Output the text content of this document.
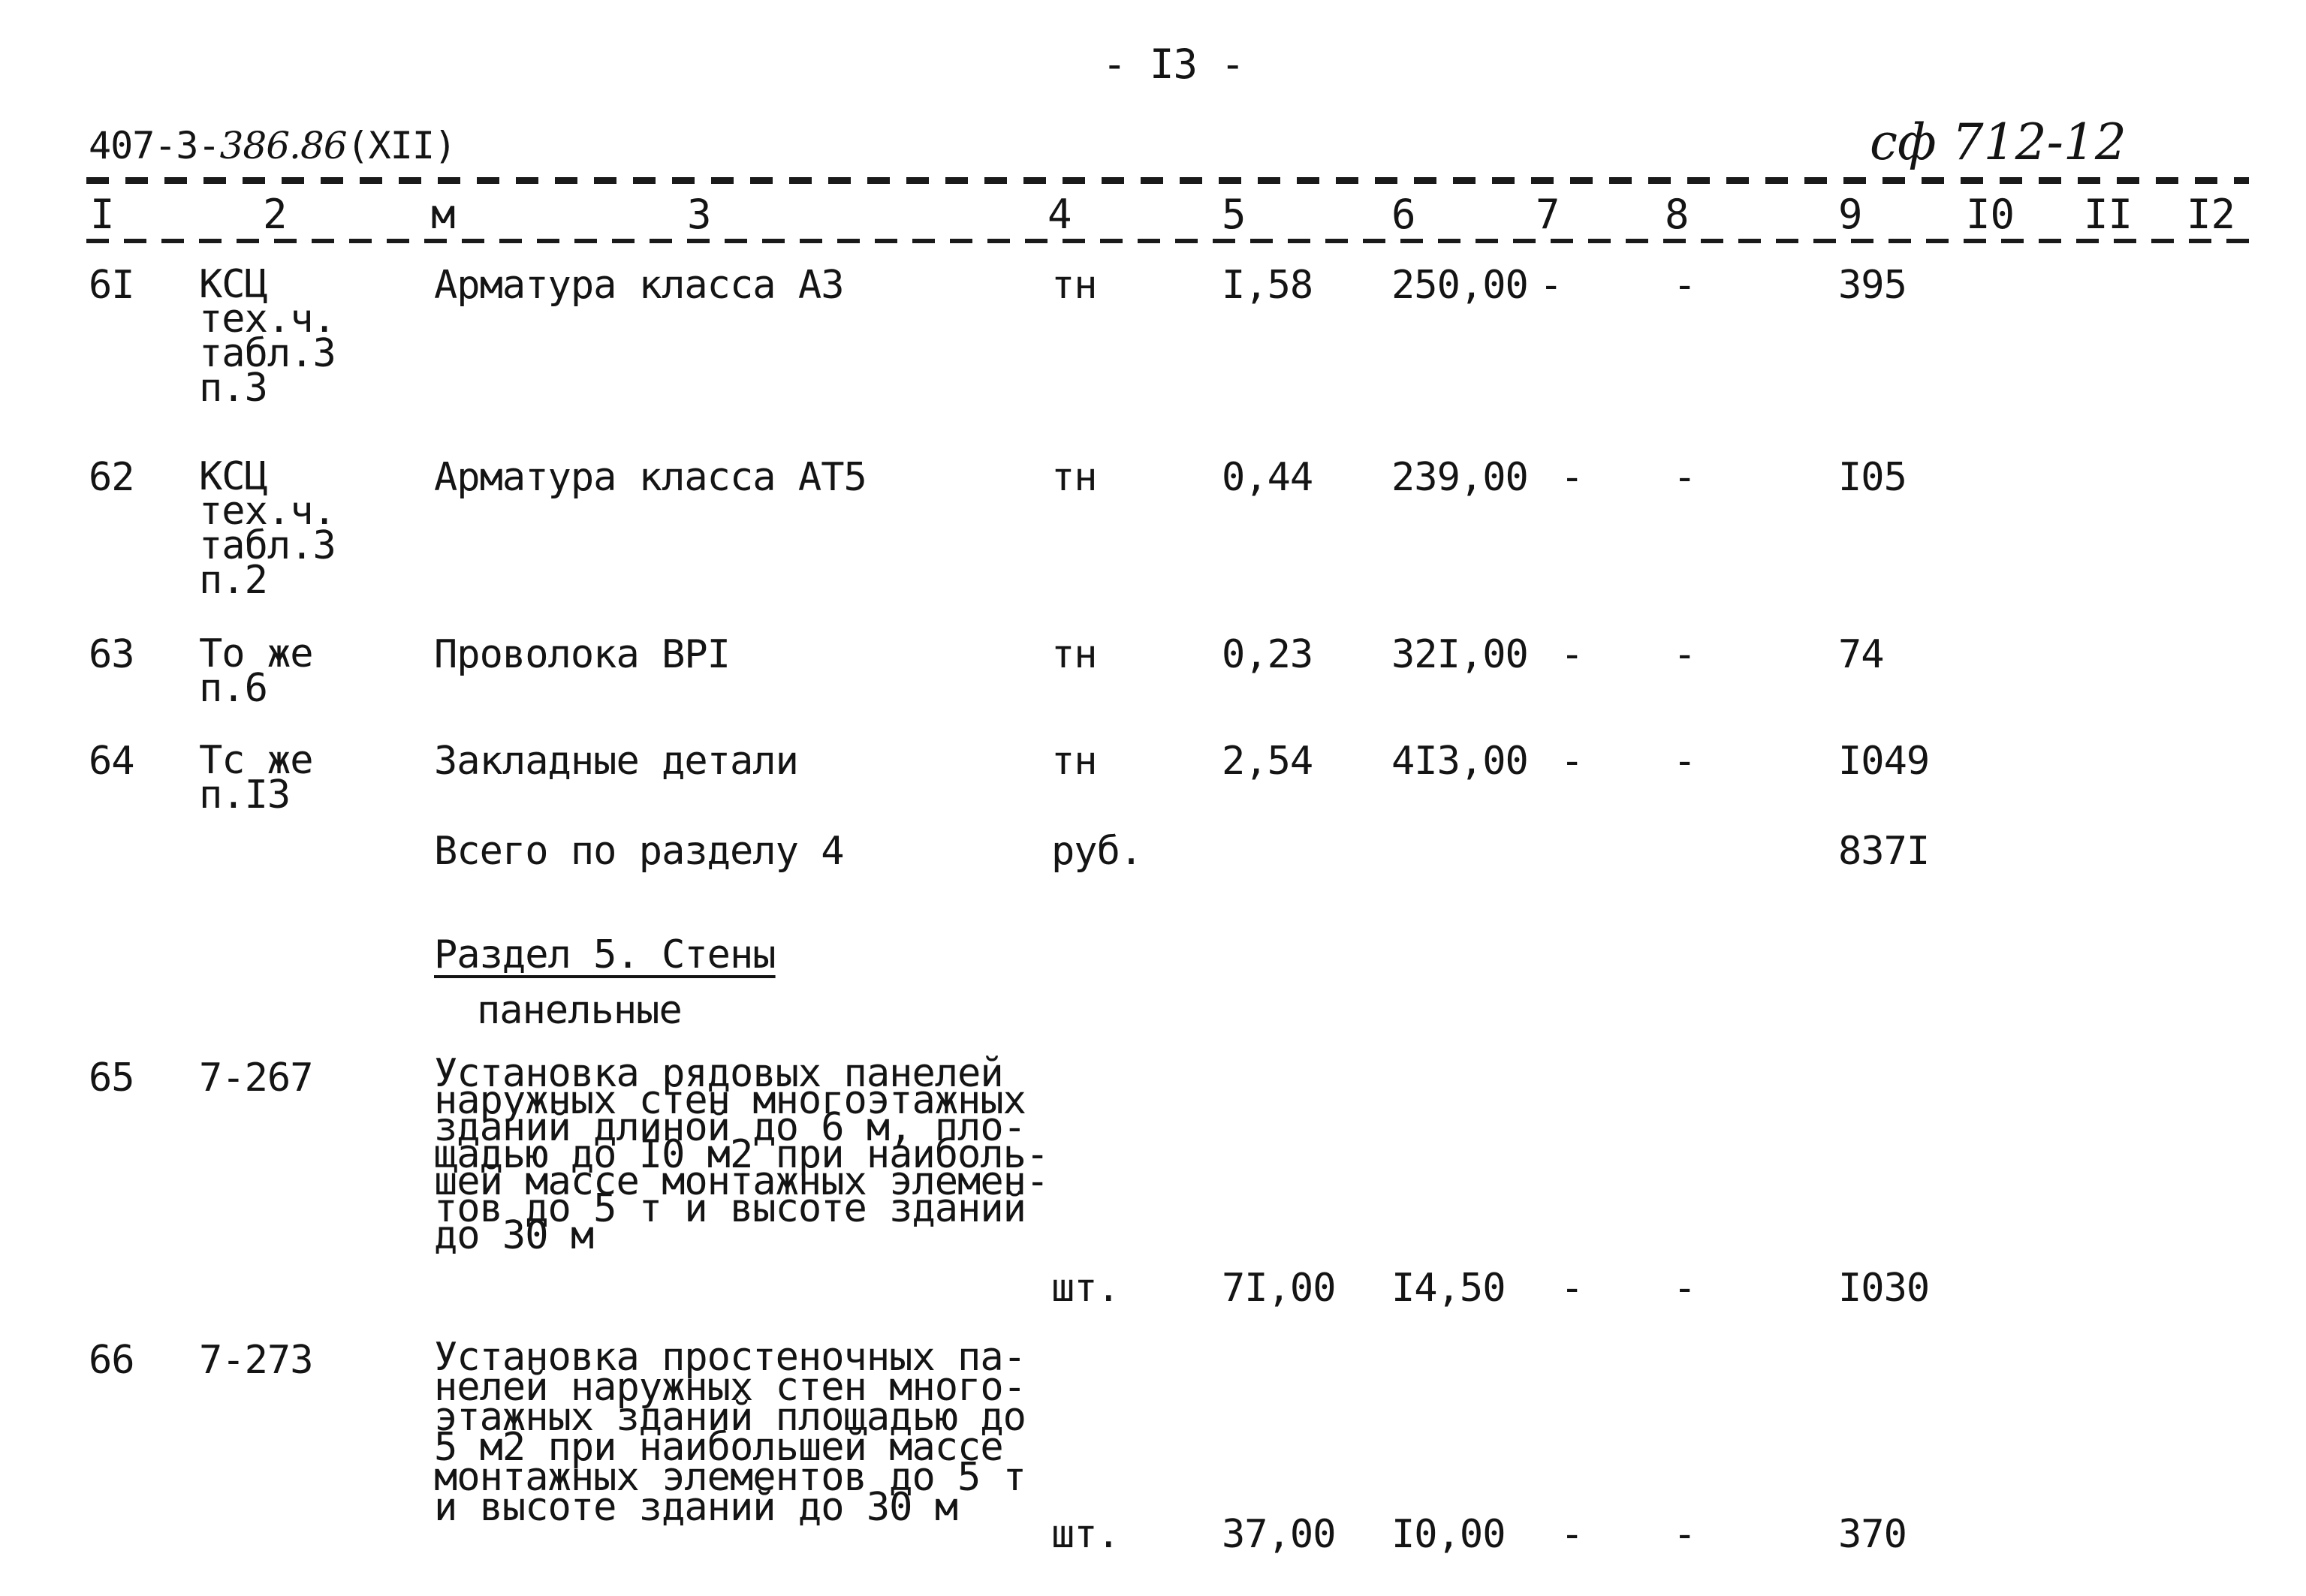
- I3 -
407-3-386.86(XII)	сф 712-12
I	2	м	3	4	5	6	7	8	9	I0 II I2
6I КСЦ
тех.ч.
табл.3
п.3
Арматура класса А3	тн	I,58 250,00 -	-	395
62 КСЦ
тех.ч.
табл.3
п.2
Арматура класса АТ5	тн	0,44 239,00 - -	I05
63 То же
п.6
Проволока ВРI	тн	0,23 32I,00 - -	74
64 Тс же
п.I3
Закладные детали	тн	2,54 4I3,00 - -	I049
Всего по разделу 4	руб.	837I
Раздел 5. Стены
панельные
65 7-267	Установка рядовых панелей
наружных стен многоэтажных
зданий длиной до 6 м, пло-
щадью до I0 м2 при наиболь-
шей массе монтажных элемен-
тов до 5 т и высоте зданий
до 30 м
шт.	7I,00 I4,50 - -	I030
66 7-273	Установка простеночных па-
нелей наружных стен много-
этажных зданий площадью до
5 м2 при наибольшей массе
монтажных элементов до 5 т
и высоте зданий до 30 м
шт.	37,00 I0,00 - -	370
